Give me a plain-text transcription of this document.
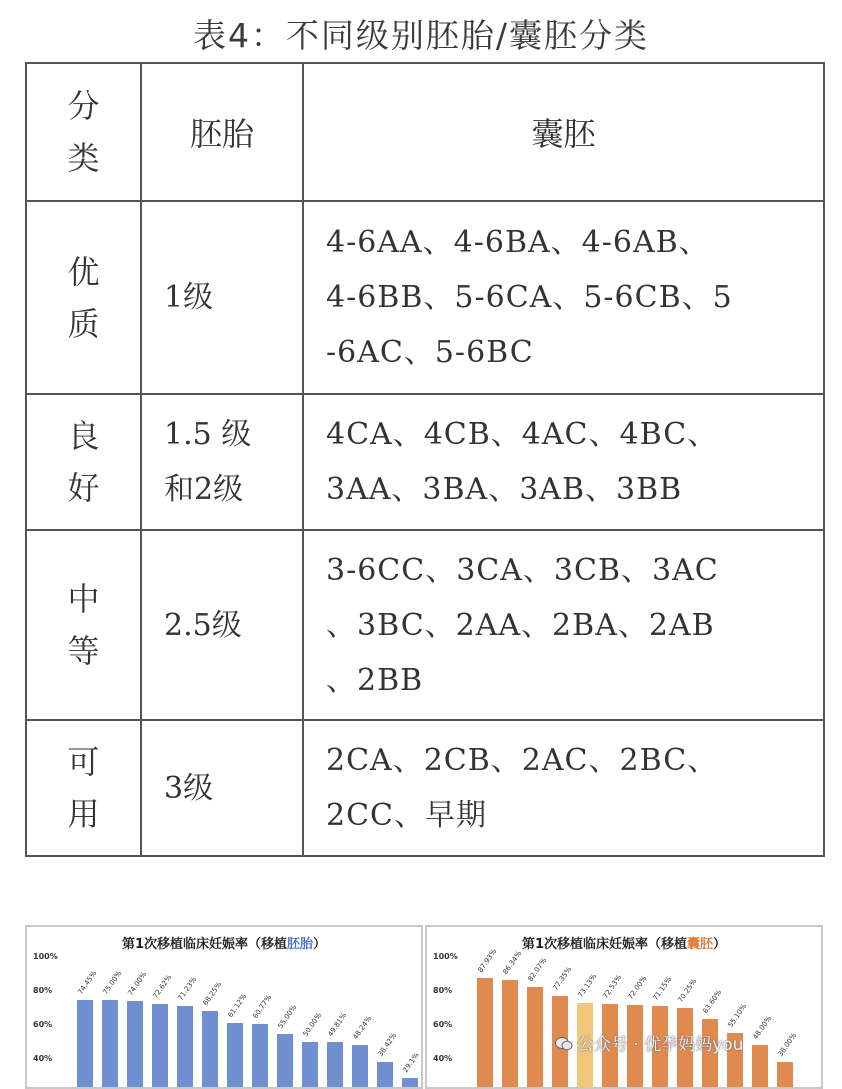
表4：不同级别胚胎/囊胚分类
分
类	胚胎	囊胚

优
质	1级	4-6AA、4-6BA、4-6AB、
4-6BB、5-6CA、5-6CB、5
-6AC、5-6BC

良
好	1.5 级
和2级	4CA、4CB、4AC、4BC、
3AA、3BA、3AB、3BB

中
等	2.5级	3-6CC、3CA、3CB、3AC
、3BC、2AA、2BA、2AB
、2BB

可
用	3级	2CA、2CB、2AC、2BC、
2CC、早期
第1次移植临床妊娠率（移植胚胎）
100%
80%
60%
40%
74.45% 75.00% 74.00% 72.62% 71.23% 68.25% 61.12% 60.77% 55.00% 50.00% 49.81% 48.24%
38.42%
29.1%
第1次移植临床妊娠率（移植囊胚）
100%
80%
60%
40%
87.93% 86.34% 82.07% 77.35% 73.13% 72.53% 72.00% 71.15% 70.25% 63.60%
55.10% 48.00%
38.00%
公众号 · 优孕妈妈you
